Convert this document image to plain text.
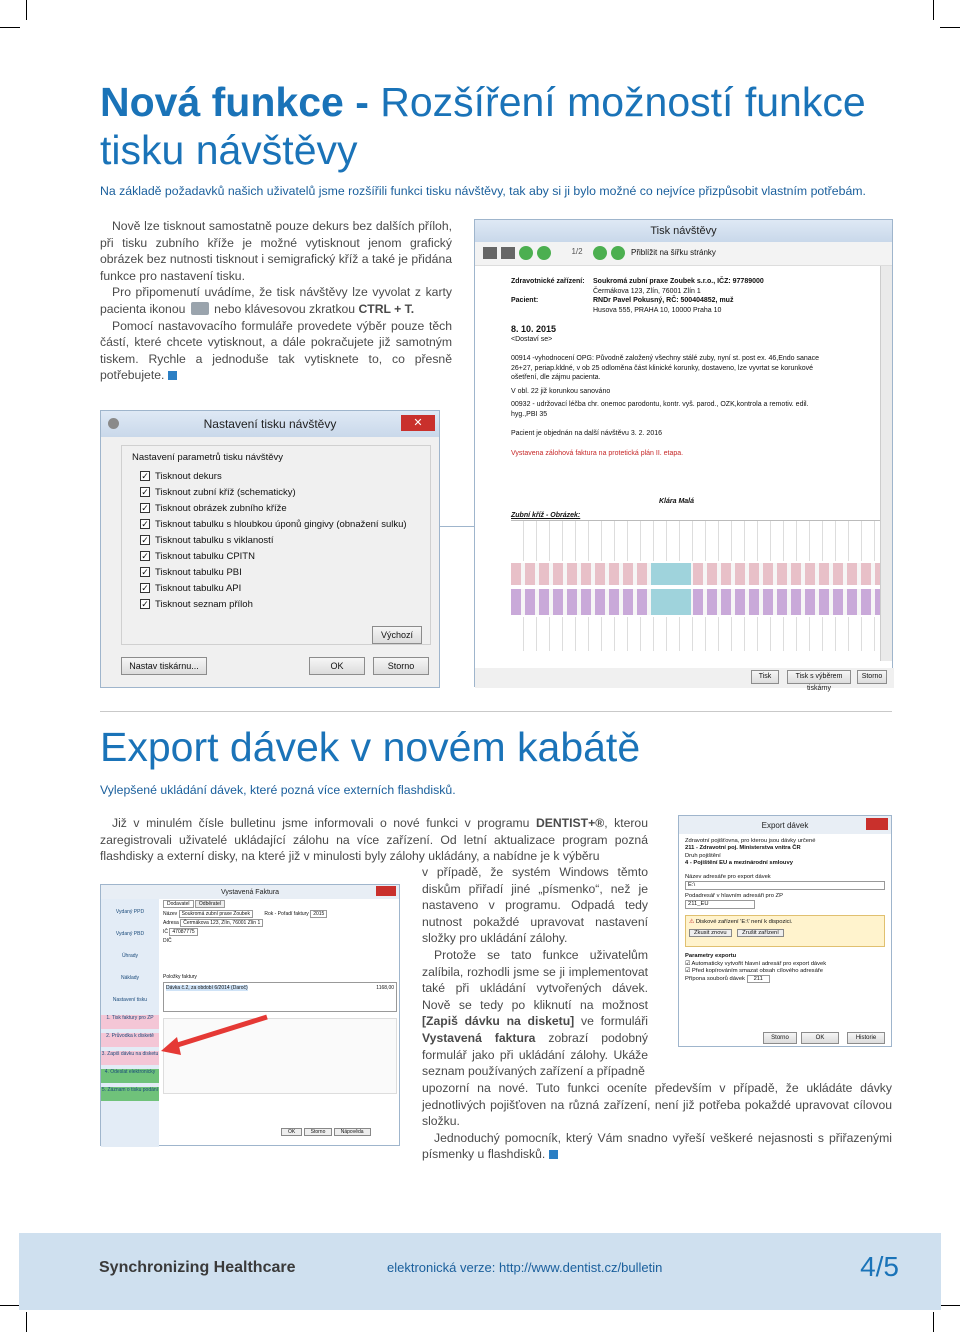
Nová funkce - Rozšíření možností funkce tisku návštěvy
Na základě požadavků našich uživatelů jsme rozšířili funkci tisku návštěvy, tak aby si ji bylo možné co nejvíce přizpůsobit vlastním potřebám.

Nově lze tisknout samostatně pouze dekurs bez dalších příloh, při tisku zubního kříže je možné vytisknout jenom grafický obrázek bez nutnosti tisknout i semigrafický kříž a také je přidána funkce pro nastavení tisku.

Pro připomenutí uvádíme, že tisk návštěvy lze vyvolat z karty pacienta ikonou nebo klávesovou zkratkou CTRL + T.

Pomocí nastavovacího formuláře provedete výběr pouze těch částí, které chcete vytisknout, a dále pokračujete již samotným tiskem. Rychle a jednoduše tak vytisknete to, co přesně potřebujete.

Tisk návštěvy
1/2	Přiblížit na šířku stránky
Zdravotnické zařízení: Soukromá zubní praxe Zoubek s.r.o., IČZ: 97789000
Čermákova 123, Zlín, 76001 Zlín 1
Pacient:	RNDr Pavel Pokusný, RČ: 500404852, muž
Husova 555, PRAHA 10, 10000 Praha 10
8. 10. 2015
<Dostaví se>
00914 -vyhodnocení OPG: Původně založený všechny stálé zuby, nyní st. post ex. 46,Endo sanace
26+27, periap.kldné, v ob 25 odloměna část klinické korunky, dostaveno, lze vyvrtat se korunkové
ošetření, dle zájmu pacienta.
V obl. 22 již korunkou sanováno
00932 - udržovací léčba chr. onemoc parodontu, kontr. vyš. parod., OZK,kontrola a remotiv. edil.
hyg.,PBI 35
Pacient je objednán na další návštěvu 3. 2. 2016
Vystavena zálohová faktura na protetická plán II. etapa.
Klára Malá
Zubní kříž - Obrázek:
Tisk	Tisk s výběrem tiskárny
Storno
Nastavení tisku návštěvy	✕
Nastavení parametrů tisku návštěvy
✓ Tisknout dekurs
✓ Tisknout zubní kříž (schematicky)
✓ Tisknout obrázek zubního kříže
✓ Tisknout tabulku s hloubkou úponů gingivy (obnažení sulku)
✓ Tisknout tabulku s viklaností
✓ Tisknout tabulku CPITN
✓ Tisknout tabulku PBI
✓ Tisknout tabulku API
✓ Tisknout seznam příloh
Výchozí
Nastav tiskárnu...	OK	Storno
Export dávek v novém kabátě
Vylepšené ukládání dávek, které pozná více externích flashdisků.

Již v minulém čísle bulletinu jsme informovali o nové funkci v programu DENTIST+®, kterou zaregistrovali uživatelé ukládající zálohu na více zařízení. Od letní aktualizace program pozná flashdisky a externí disky, na které již v minulosti byly zálohy ukládány, a nabídne je k výběru

v případě, že systém Windows těmto diskům přiřadí jiné „písmenko“, než je nastaveno v programu. Odpadá tedy nutnost pokaždé upravovat nastavení složky pro ukládání zálohy.

Protože se tato funkce uživatelům zalíbila, rozhodli jsme se ji implementovat také při ukládání vytvořených dávek. Nově se tedy po kliknutí na možnost [Zapiš dávku na disketu] ve formuláři Vystavená faktura zobrazí podobný formulář jako při ukládání zálohy. Ukáže seznam používaných zařízení a případně

upozorní na nové. Tuto funkci oceníte především v případě, že ukládáte dávky jednotlivých pojišťoven na různá zařízení, není již potřeba pokaždé upravovat cílovou složku.

Jednoduchý pomocník, který Vám snadno vyřeší veškeré nejasnosti s přiřazenými písmenky u flashdisků.

Export dávek
Zdravotní pojišťovna, pro kterou jsou dávky určené
211 - Zdravotní poj. Ministerstva vnitra ČR
Druh pojištění
4 - Pojištění EU a mezinárodní smlouvy
Název adresáře pro export dávek
E:\
Podadresář v hlavním adresáři pro ZP
211_EU
⚠ Diskové zařízení 'E:\' není k dispozici.
Zkusit znovu	Zrušit zařízení
Parametry exportu
☑ Automaticky vytvořit hlavní adresář pro export dávek
☑ Před kopírováním smazat obsah cílového adresáře
Přípona souborů dávek 211
OK
Storno	Historie
Vystavená Faktura
Vydaný PPD
Vydaný PBD
Úhrady
Náklady
Nastavení tisku
1. Tisk faktury pro ZP
2. Průvodka k disketě
3. Zapiš dávku na disketu
4. Odeslat elektronicky
5. Záznam o tisku podání
Dodavatel Odběratel
Název Soukromá zubní praxe Zoubek	Rok - Pořadí faktury 2015
Adresa Čermákova 123, Zlín, 76001 Zlín 1
IČ 47087775
DIČ
Položky faktury
Dávka č.2, za období 6/2014 (Daroč)	1168,00
OK	Storno	Nápověda
Synchronizing Healthcare	elektronická verze: http://www.dentist.cz/bulletin	4/5
